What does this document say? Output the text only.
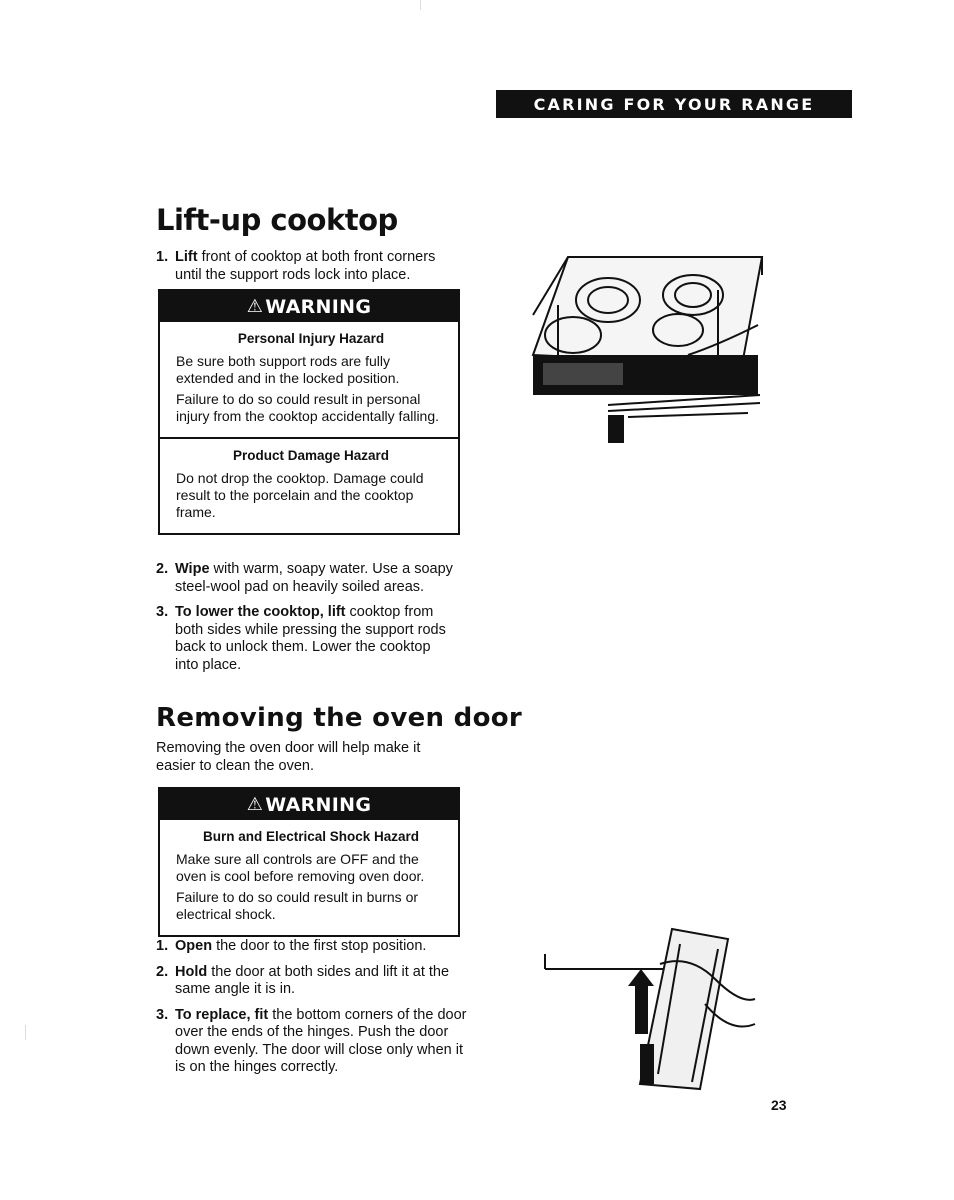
CARING FOR YOUR RANGE
Lift-up cooktop
1. Lift front of cooktop at both front corners until the support rods lock into place.
⚠ WARNING
Personal Injury Hazard

Be sure both support rods are fully extended and in the locked position.

Failure to do so could result in personal injury from the cooktop accidentally falling.

Product Damage Hazard

Do not drop the cooktop. Damage could result to the porcelain and the cooktop frame.

2. Wipe with warm, soapy water. Use a soapy steel-wool pad on heavily soiled areas.
3. To lower the cooktop, lift cooktop from both sides while pressing the support rods back to unlock them. Lower the cooktop into place.
Removing the oven door

Removing the oven door will help make it easier to clean the oven.

⚠ WARNING
Burn and Electrical Shock Hazard

Make sure all controls are OFF and the oven is cool before removing oven door.

Failure to do so could result in burns or electrical shock.

1. Open the door to the first stop position.
2. Hold the door at both sides and lift it at the same angle it is in.
3. To replace, fit the bottom corners of the door over the ends of the hinges. Push the door down evenly. The door will close only when it is on the hinges correctly.
23
